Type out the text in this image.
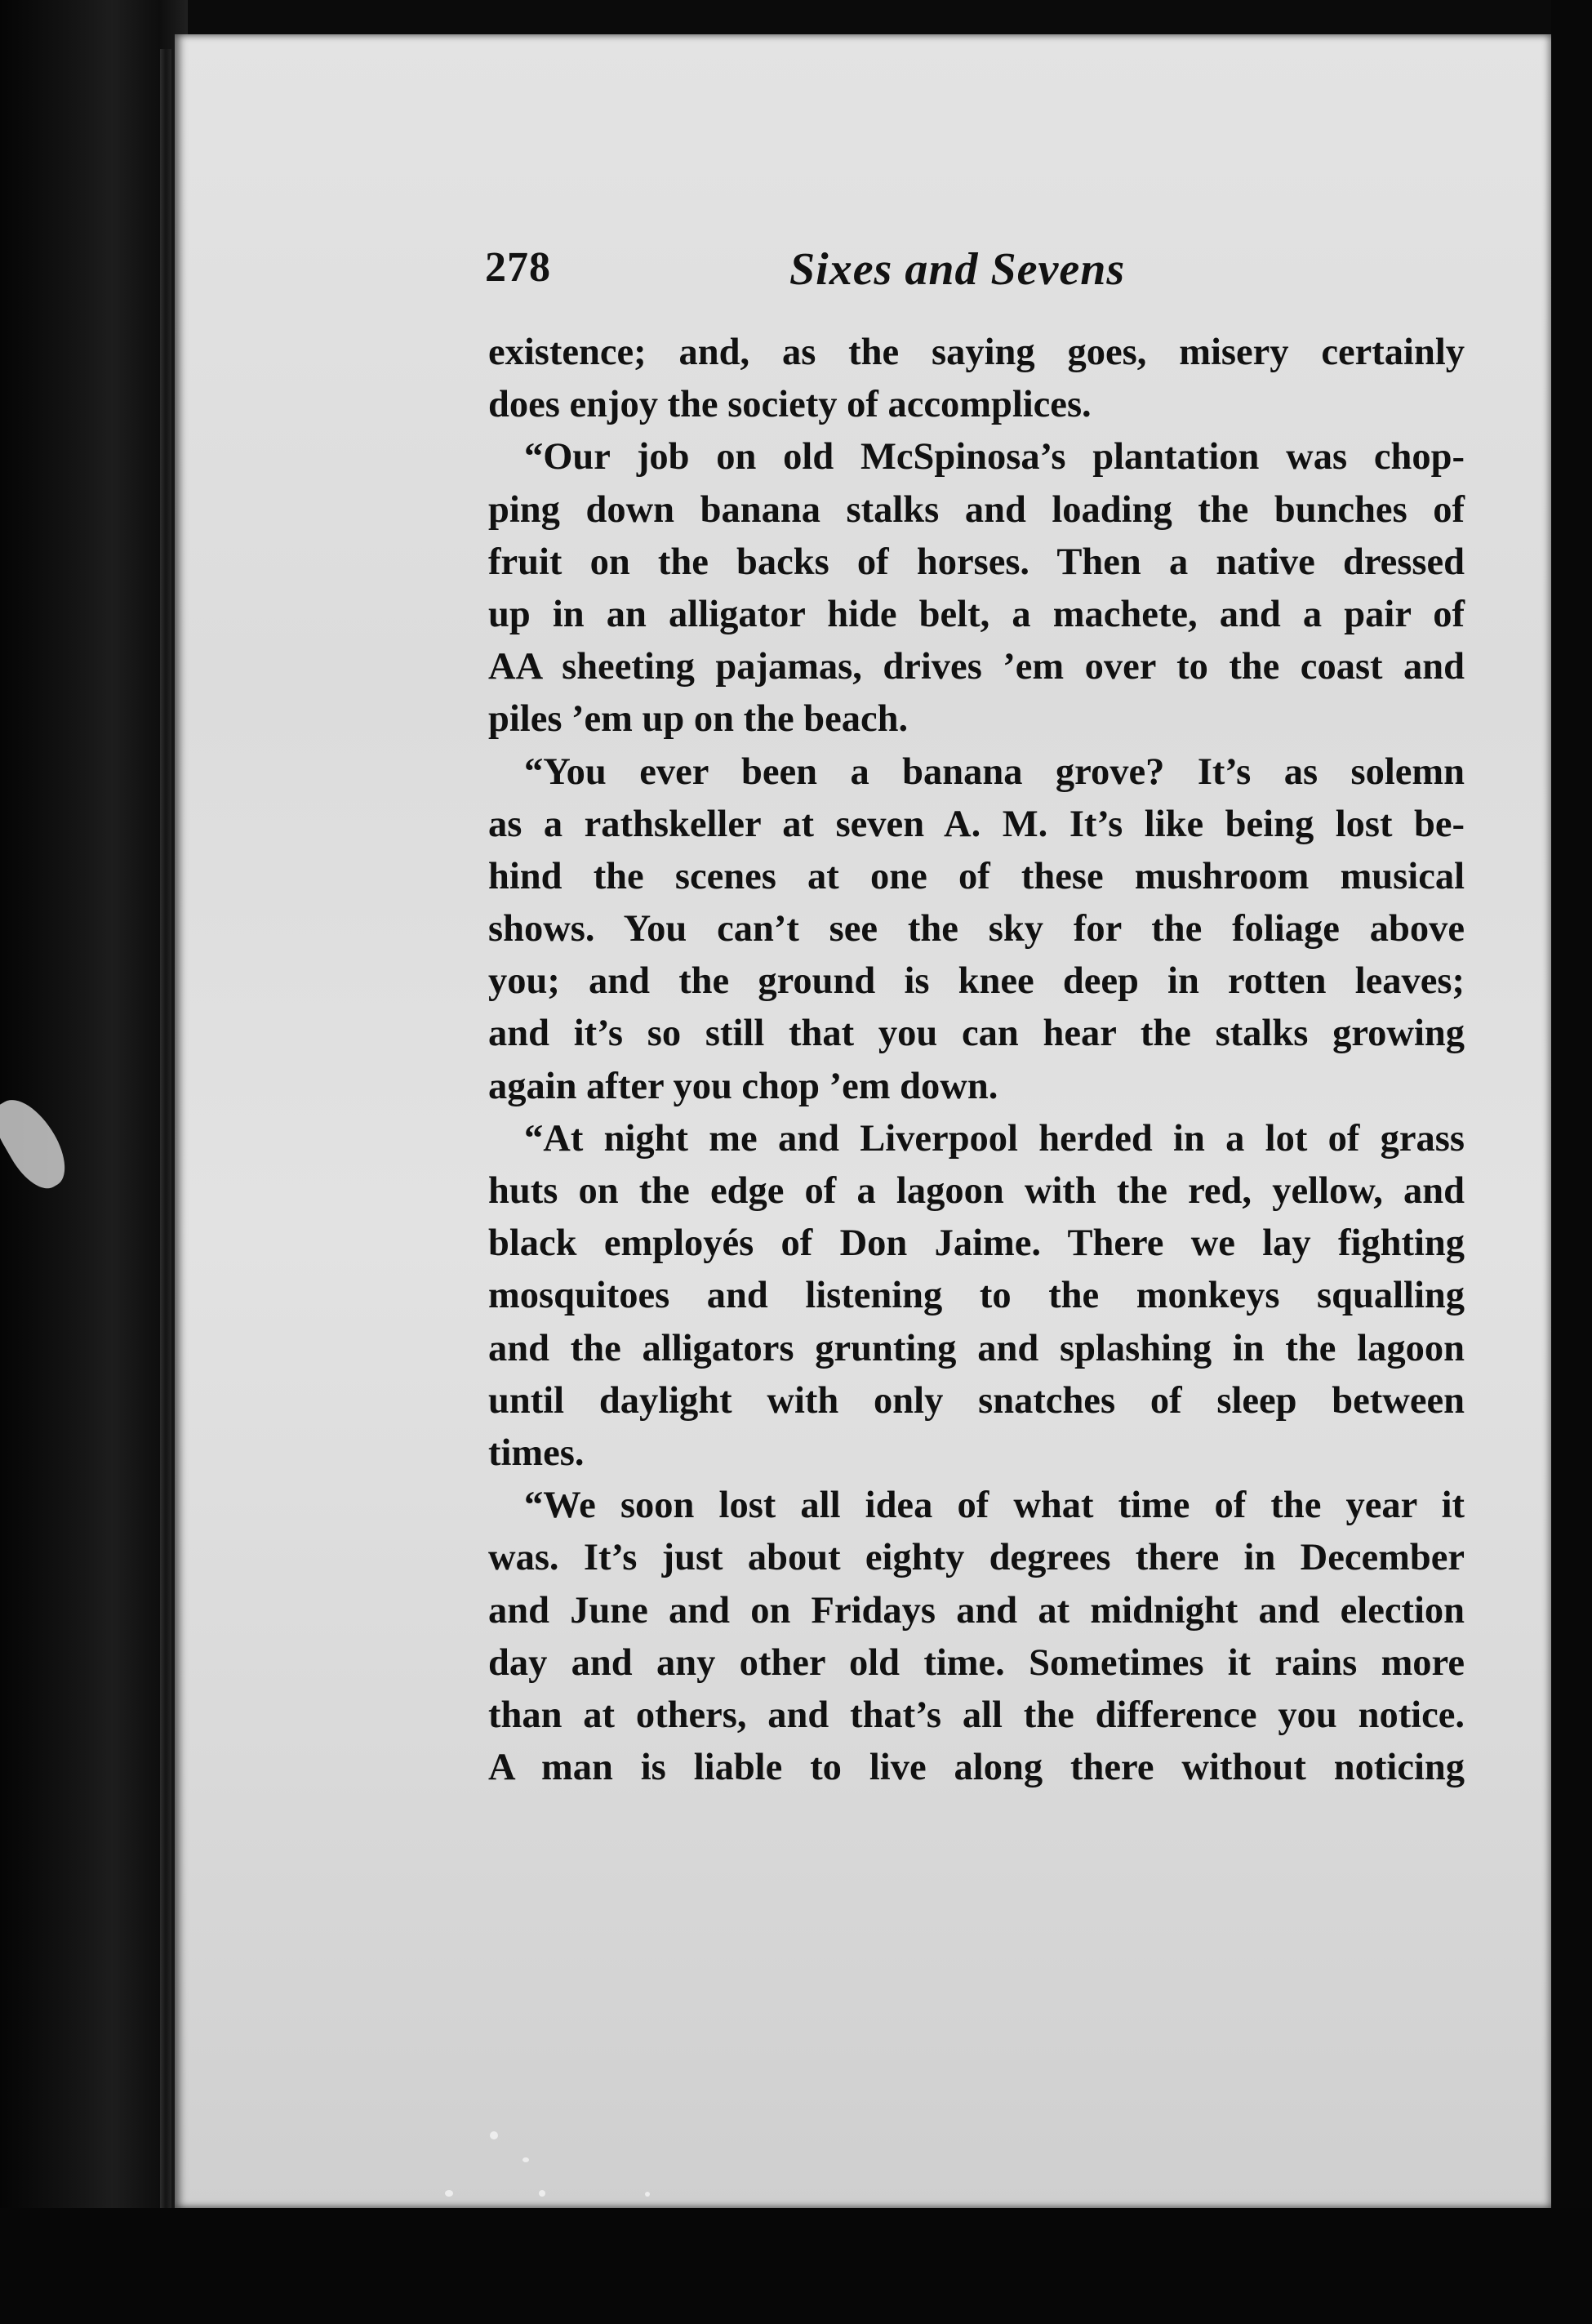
278	Sixes and Sevens
existence; and, as the saying goes, misery certainly
does enjoy the society of accomplices.
“Our job on old McSpinosa’s plantation was chop-
ping down banana stalks and loading the bunches of
fruit on the backs of horses. Then a native dressed
up in an alligator hide belt, a machete, and a pair of
AA sheeting pajamas, drives ’em over to the coast and
piles ’em up on the beach.
“You ever been a banana grove? It’s as solemn
as a rathskeller at seven A. M. It’s like being lost be-
hind the scenes at one of these mushroom musical
shows. You can’t see the sky for the foliage above
you; and the ground is knee deep in rotten leaves;
and it’s so still that you can hear the stalks growing
again after you chop ’em down.
“At night me and Liverpool herded in a lot of grass
huts on the edge of a lagoon with the red, yellow, and
black employés of Don Jaime. There we lay fighting
mosquitoes and listening to the monkeys squalling
and the alligators grunting and splashing in the lagoon
until daylight with only snatches of sleep between
times.
“We soon lost all idea of what time of the year it
was. It’s just about eighty degrees there in December
and June and on Fridays and at midnight and election
day and any other old time. Sometimes it rains more
than at others, and that’s all the difference you notice.
A man is liable to live along there without noticing
